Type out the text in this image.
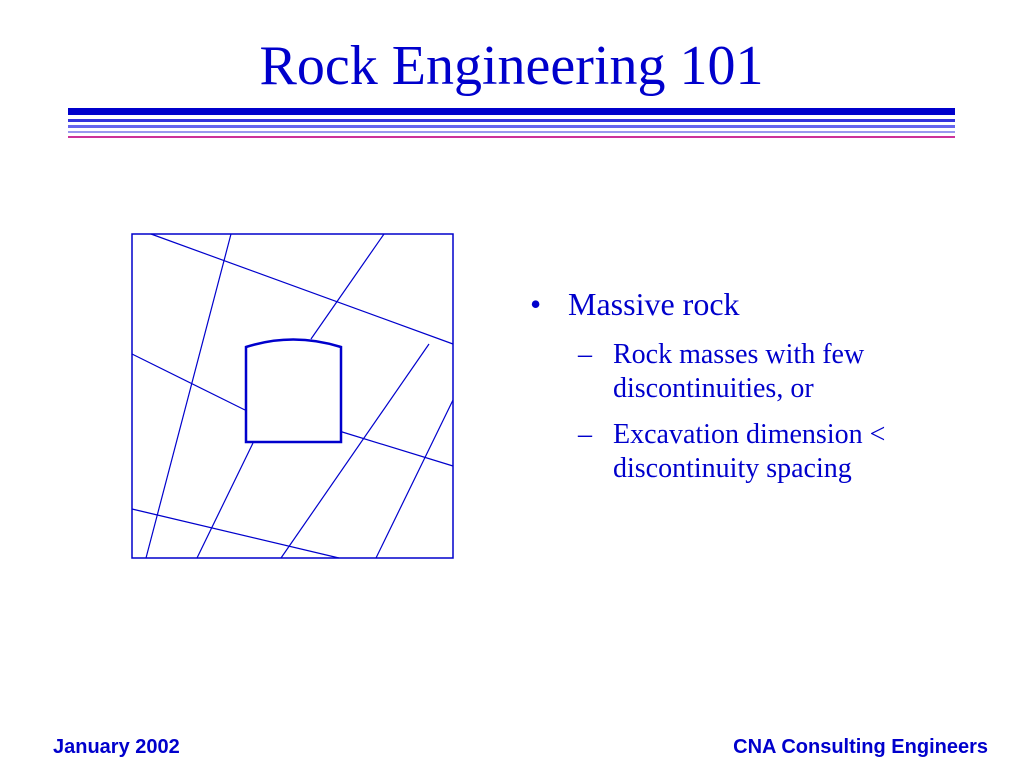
Rock Engineering 101
• Massive rock
– Rock masses with few discontinuities, or
– Excavation dimension < discontinuity spacing
January 2002	CNA Consulting Engineers
